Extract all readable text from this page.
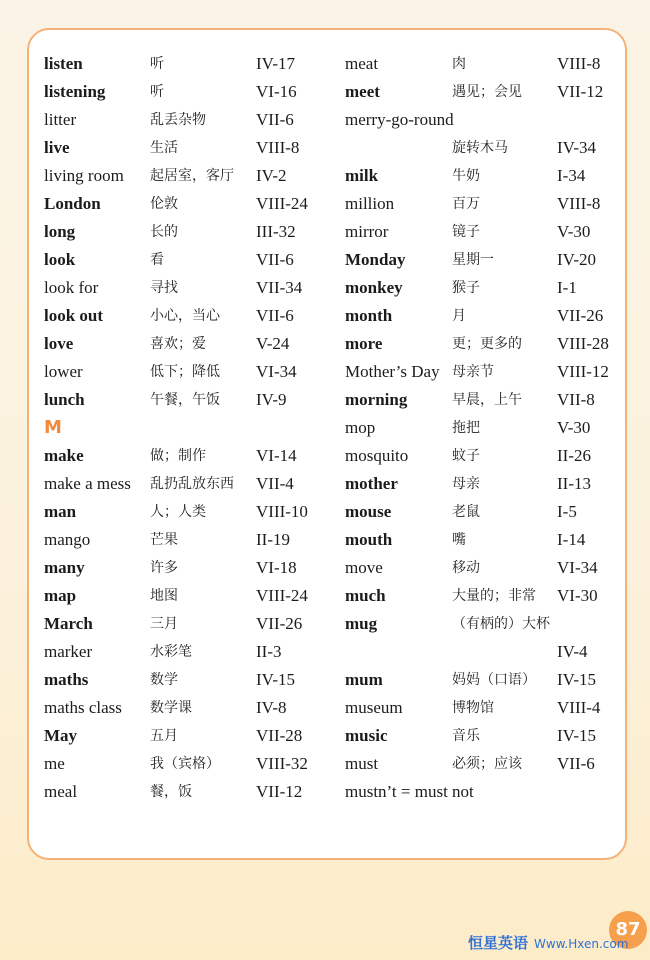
listen	听	IV-17
listening	听	VI-16
litter	乱丢杂物	VII-6
live	生活	VIII-8
living room 起居室，客厅 IV-2
London	伦敦	VIII-24
long	长的	III-32
look	看	VII-6
look for	寻找	VII-34
look out	小心，当心 VII-6
love	喜欢；爱	V-24
lower	低下；降低 VI-34
lunch	午餐，午饭 IV-9
M
make	做；制作	VI-14
make a mess 乱扔乱放东西 VII-4
man	人；人类	VIII-10
mango	芒果	II-19
many	许多	VI-18
map	地图	VIII-24
March	三月	VII-26
marker	水彩笔	II-3
maths	数学	IV-15
maths class 数学课	IV-8
May	五月	VII-28
me	我（宾格） VIII-32
meal	餐，饭	VII-12
meat	肉	VIII-8
meet	遇见；会见 VII-12
merry-go-round
旋转木马	IV-34
milk	牛奶	I-34
million	百万	VIII-8
mirror	镜子	V-30
Monday	星期一	IV-20
monkey	猴子	I-1
month	月	VII-26
more	更；更多的 VIII-28
Mother’s Day 母亲节	VIII-12
morning	早晨，上午 VII-8
mop	拖把	V-30
mosquito	蚊子	II-26
mother	母亲	II-13
mouse	老鼠	I-5
mouth	嘴	I-14
move	移动	VI-34
much	大量的；非常 VI-30
mug	（有柄的）大杯
IV-4
mum	妈妈（口语） IV-15
museum	博物馆	VIII-4
music	音乐	IV-15
must	必须；应该 VII-6
mustn’t = must not
87
恒星英语 Www.Hxen.com
